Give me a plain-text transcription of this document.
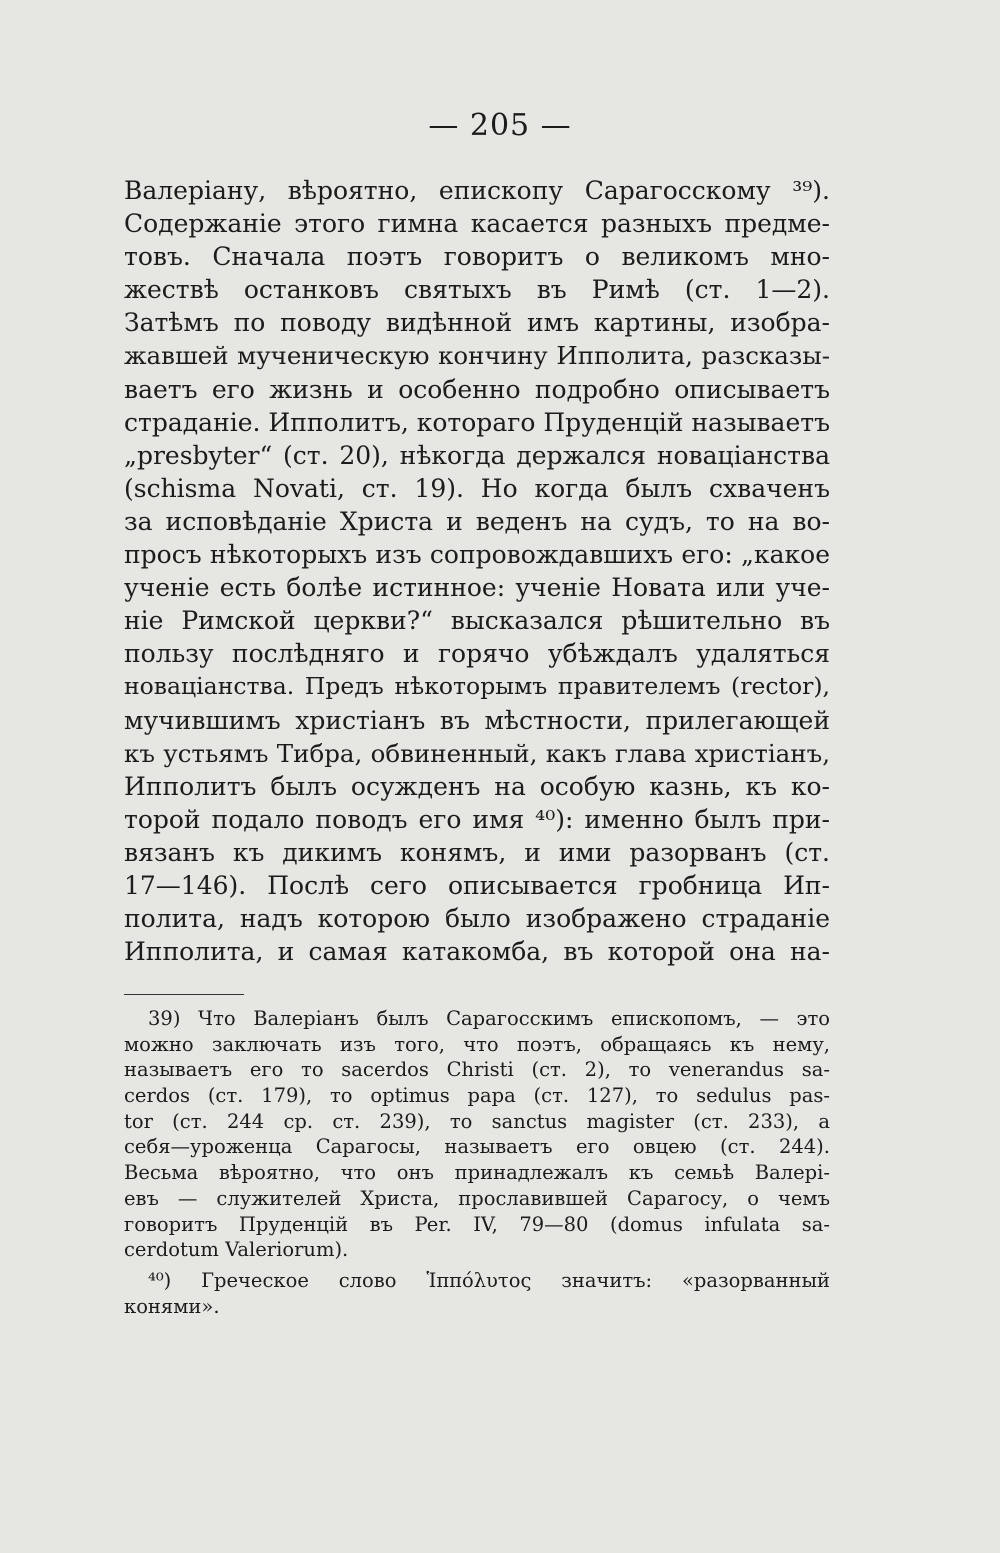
— 205 —
Валеріану, вѣроятно, епископу Сарагосскому ³⁹).
Содержаніе этого гимна касается разныхъ предме-
товъ. Сначала поэтъ говоритъ о великомъ мно-
жествѣ останковъ святыхъ въ Римѣ (ст. 1—2).
Затѣмъ по поводу видѣнной имъ картины, изобра-
жавшей мученическую кончину Ипполита, разсказы-
ваетъ его жизнь и особенно подробно описываетъ
страданіе. Ипполитъ, котораго Пруденцій называетъ
„presbyter“ (ст. 20), нѣкогда держался новаціанства
(schisma Novati, ст. 19). Но когда былъ схваченъ
за исповѣданіе Христа и веденъ на судъ, то на во-
просъ нѣкоторыхъ изъ сопровождавшихъ его: „какое
ученіе есть болѣе истинное: ученіе Новата или уче-
ніе Римской церкви?“ высказался рѣшительно въ
пользу послѣдняго и горячо убѣждалъ удаляться
новаціанства. Предъ нѣкоторымъ правителемъ (rector),
мучившимъ христіанъ въ мѣстности, прилегающей
къ устьямъ Тибра, обвиненный, какъ глава христіанъ,
Ипполитъ былъ осужденъ на особую казнь, къ ко-
торой подало поводъ его имя ⁴⁰): именно былъ при-
вязанъ къ дикимъ конямъ, и ими разорванъ (ст.
17—146). Послѣ сего описывается гробница Ип-
полита, надъ которою было изображено страданіе
Ипполита, и самая катакомба, въ которой она на-
39) Что Валеріанъ былъ Сарагосскимъ епископомъ, — это
можно заключать изъ того, что поэтъ, обращаясь къ нему,
называетъ его то sacerdos Christi (ст. 2), то venerandus sa-
cerdos (ст. 179), то optimus papa (ст. 127), то sedulus pas-
tor (ст. 244 ср. ст. 239), то sanctus magister (ст. 233), а
себя—уроженца Сарагосы, называетъ его овцею (ст. 244).
Весьма вѣроятно, что онъ принадлежалъ къ семьѣ Валері-
евъ — служителей Христа, прославившей Сарагосу, о чемъ
говоритъ Пруденцій въ Per. IV, 79—80 (domus infulata sa-
cerdotum Valeriorum).
⁴⁰) Греческое слово Ἱππόλυτος значитъ: «разорванный
конями».
